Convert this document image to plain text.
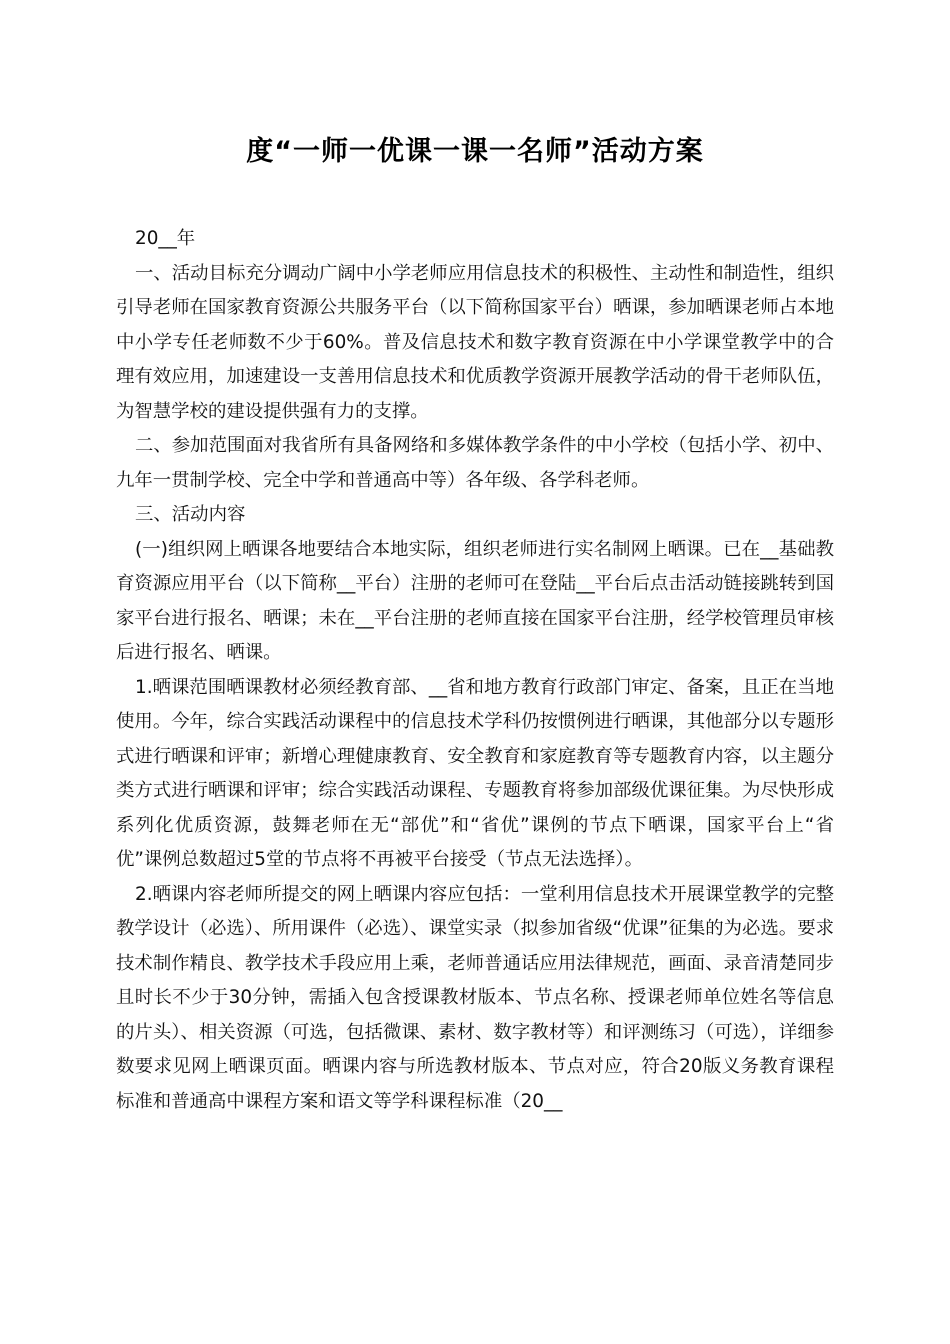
度“一师一优课一课一名师”活动方案

20__年

一、活动目标充分调动广阔中小学老师应用信息技术的积极性、主动性和制造性，组织引导老师在国家教育资源公共服务平台（以下简称国家平台）晒课，参加晒课老师占本地中小学专任老师数不少于60%。普及信息技术和数字教育资源在中小学课堂教学中的合理有效应用，加速建设一支善用信息技术和优质教学资源开展教学活动的骨干老师队伍，为智慧学校的建设提供强有力的支撑。

二、参加范围面对我省所有具备网络和多媒体教学条件的中小学校（包括小学、初中、九年一贯制学校、完全中学和普通高中等）各年级、各学科老师。

三、活动内容

(一)组织网上晒课各地要结合本地实际，组织老师进行实名制网上晒课。已在__基础教育资源应用平台（以下简称__平台）注册的老师可在登陆__平台后点击活动链接跳转到国家平台进行报名、晒课；未在__平台注册的老师直接在国家平台注册，经学校管理员审核后进行报名、晒课。

1.晒课范围晒课教材必须经教育部、__省和地方教育行政部门审定、备案，且正在当地使用。今年，综合实践活动课程中的信息技术学科仍按惯例进行晒课，其他部分以专题形式进行晒课和评审；新增心理健康教育、安全教育和家庭教育等专题教育内容，以主题分类方式进行晒课和评审；综合实践活动课程、专题教育将参加部级优课征集。为尽快形成系列化优质资源，鼓舞老师在无“部优”和“省优”课例的节点下晒课，国家平台上“省优”课例总数超过5堂的节点将不再被平台接受（节点无法选择）。

2.晒课内容老师所提交的网上晒课内容应包括：一堂利用信息技术开展课堂教学的完整教学设计（必选）、所用课件（必选）、课堂实录（拟参加省级“优课”征集的为必选。要求技术制作精良、教学技术手段应用上乘，老师普通话应用法律规范，画面、录音清楚同步且时长不少于30分钟，需插入包含授课教材版本、节点名称、授课老师单位姓名等信息的片头）、相关资源（可选，包括微课、素材、数字教材等）和评测练习（可选），详细参数要求见网上晒课页面。晒课内容与所选教材版本、节点对应，符合20版义务教育课程标准和普通高中课程方案和语文等学科课程标准（20__
